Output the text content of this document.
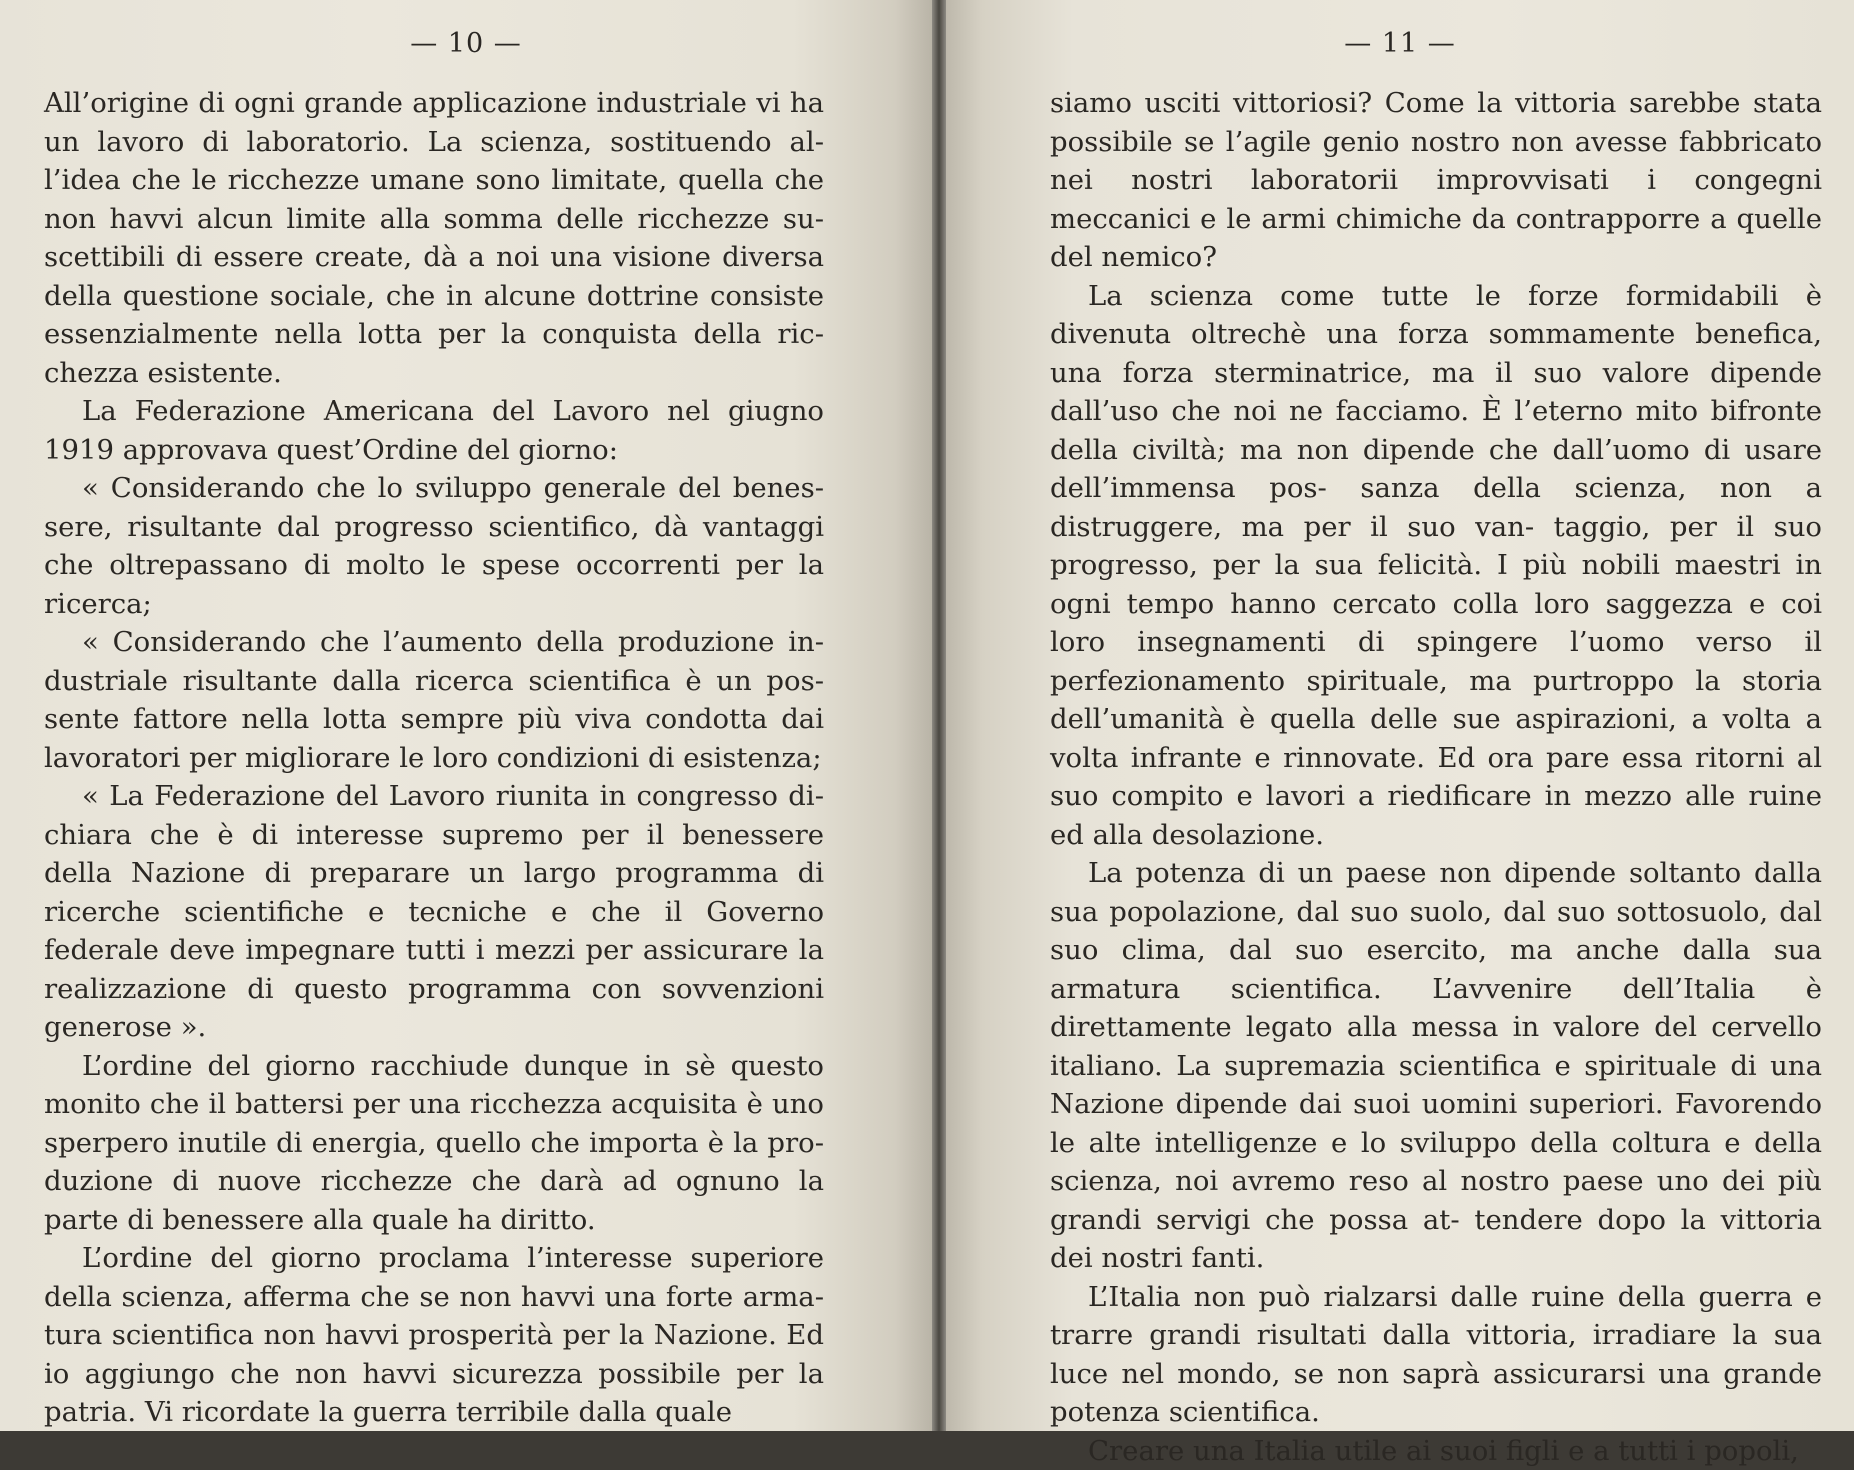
— 10 —

All’origine di ogni grande applicazione industriale vi ha un lavoro di laboratorio. La scienza, sostituendo al- l’idea che le ricchezze umane sono limitate, quella che non havvi alcun limite alla somma delle ricchezze su- scettibili di essere create, dà a noi una visione diversa della questione sociale, che in alcune dottrine consiste essenzialmente nella lotta per la conquista della ric- chezza esistente.

La Federazione Americana del Lavoro nel giugno 1919 approvava quest’Ordine del giorno:

« Considerando che lo sviluppo generale del benes- sere, risultante dal progresso scientifico, dà vantaggi che oltrepassano di molto le spese occorrenti per la ricerca;

« Considerando che l’aumento della produzione in- dustriale risultante dalla ricerca scientifica è un pos- sente fattore nella lotta sempre più viva condotta dai lavoratori per migliorare le loro condizioni di esistenza;

« La Federazione del Lavoro riunita in congresso di- chiara che è di interesse supremo per il benessere della Nazione di preparare un largo programma di ricerche scientifiche e tecniche e che il Governo federale deve impegnare tutti i mezzi per assicurare la realizzazione di questo programma con sovvenzioni generose ».

L’ordine del giorno racchiude dunque in sè questo monito che il battersi per una ricchezza acquisita è uno sperpero inutile di energia, quello che importa è la pro- duzione di nuove ricchezze che darà ad ognuno la parte di benessere alla quale ha diritto.

L’ordine del giorno proclama l’interesse superiore della scienza, afferma che se non havvi una forte arma- tura scientifica non havvi prosperità per la Nazione. Ed io aggiungo che non havvi sicurezza possibile per la patria. Vi ricordate la guerra terribile dalla quale

— 11 —

siamo usciti vittoriosi? Come la vittoria sarebbe stata possibile se l’agile genio nostro non avesse fabbricato nei nostri laboratorii improvvisati i congegni meccanici e le armi chimiche da contrapporre a quelle del nemico?

La scienza come tutte le forze formidabili è divenuta oltrechè una forza sommamente benefica, una forza sterminatrice, ma il suo valore dipende dall’uso che noi ne facciamo. È l’eterno mito bifronte della civiltà; ma non dipende che dall’uomo di usare dell’immensa pos- sanza della scienza, non a distruggere, ma per il suo van- taggio, per il suo progresso, per la sua felicità. I più nobili maestri in ogni tempo hanno cercato colla loro saggezza e coi loro insegnamenti di spingere l’uomo verso il perfezionamento spirituale, ma purtroppo la storia dell’umanità è quella delle sue aspirazioni, a volta a volta infrante e rinnovate. Ed ora pare essa ritorni al suo compito e lavori a riedificare in mezzo alle ruine ed alla desolazione.

La potenza di un paese non dipende soltanto dalla sua popolazione, dal suo suolo, dal suo sottosuolo, dal suo clima, dal suo esercito, ma anche dalla sua armatura scientifica. L’avvenire dell’Italia è direttamente legato alla messa in valore del cervello italiano. La supremazia scientifica e spirituale di una Nazione dipende dai suoi uomini superiori. Favorendo le alte intelligenze e lo sviluppo della coltura e della scienza, noi avremo reso al nostro paese uno dei più grandi servigi che possa at- tendere dopo la vittoria dei nostri fanti.

L’Italia non può rialzarsi dalle ruine della guerra e trarre grandi risultati dalla vittoria, irradiare la sua luce nel mondo, se non saprà assicurarsi una grande potenza scientifica.

Creare una Italia utile ai suoi figli e a tutti i popoli,
